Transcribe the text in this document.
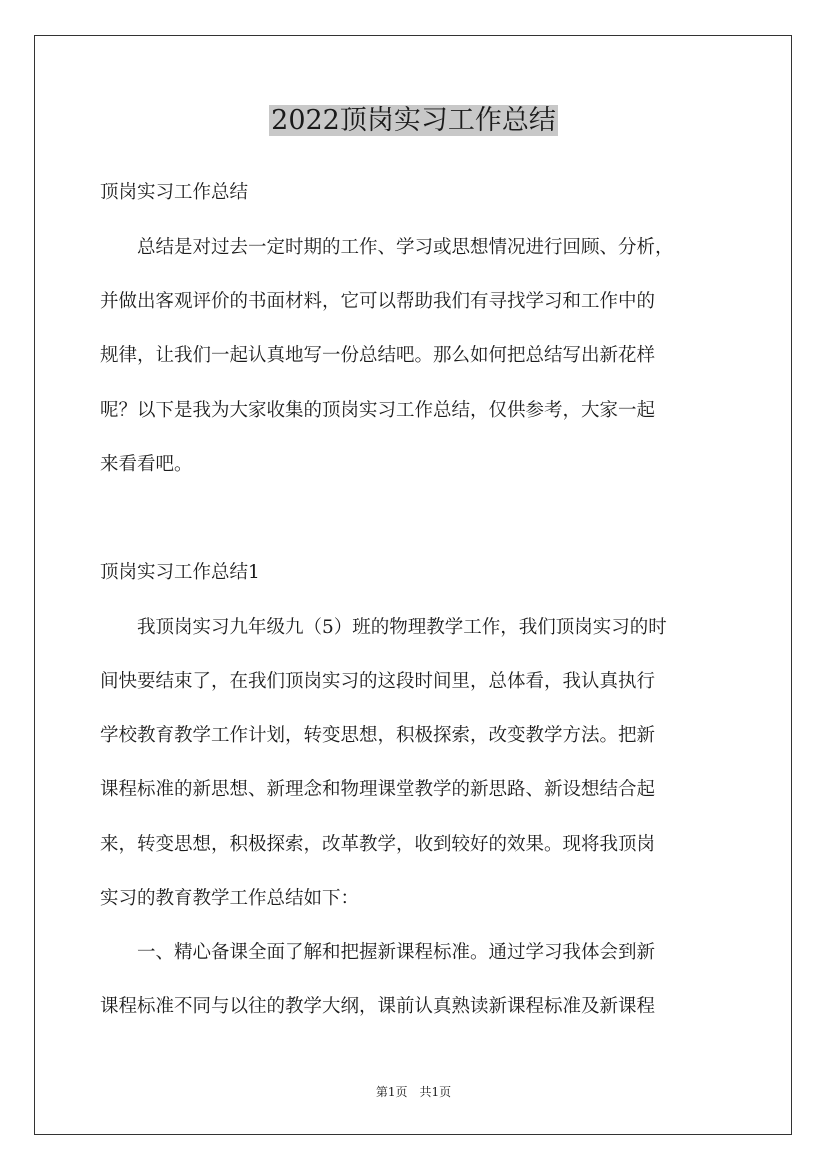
2022顶岗实习工作总结
顶岗实习工作总结
　　总结是对过去一定时期的工作、学习或思想情况进行回顾、分析，
并做出客观评价的书面材料，它可以帮助我们有寻找学习和工作中的
规律，让我们一起认真地写一份总结吧。那么如何把总结写出新花样
呢？以下是我为大家收集的顶岗实习工作总结，仅供参考，大家一起
来看看吧。
顶岗实习工作总结1
　　我顶岗实习九年级九（5）班的物理教学工作，我们顶岗实习的时
间快要结束了，在我们顶岗实习的这段时间里，总体看，我认真执行
学校教育教学工作计划，转变思想，积极探索，改变教学方法。把新
课程标准的新思想、新理念和物理课堂教学的新思路、新设想结合起
来，转变思想，积极探索，改革教学，收到较好的效果。现将我顶岗
实习的教育教学工作总结如下：
　　一、精心备课全面了解和把握新课程标准。通过学习我体会到新
课程标准不同与以往的教学大纲，课前认真熟读新课程标准及新课程
第1页　共1页
